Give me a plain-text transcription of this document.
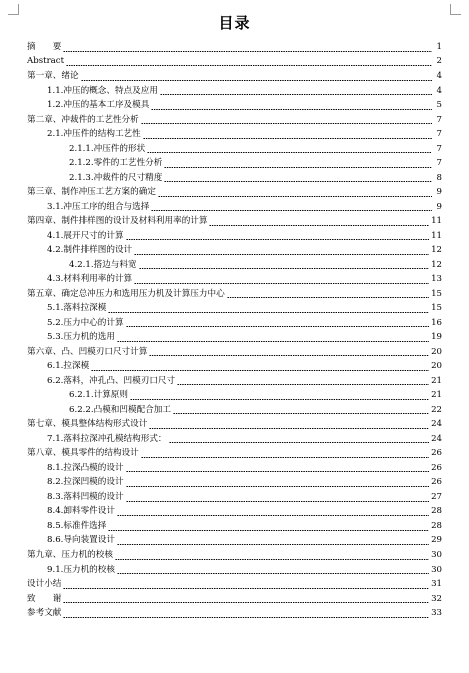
目录
摘　　要	1
Abstract	2
第一章、绪论	4
1.1.冲压的概念、特点及应用	4
1.2.冲压的基本工序及模具	5
第二章、冲裁件的工艺性分析	7
2.1.冲压件的结构工艺性	7
2.1.1.冲压件的形状	7
2.1.2.零件的工艺性分析	7
2.1.3.冲裁件的尺寸精度	8
第三章、制作冲压工艺方案的确定	9
3.1.冲压工序的组合与选择	9
第四章、制件排样图的设计及材料利用率的计算	11
4.1.展开尺寸的计算	11
4.2.制件排样图的设计	12
4.2.1.搭边与料宽	12
4.3.材料利用率的计算	13
第五章、确定总冲压力和选用压力机及计算压力中心	15
5.1.落料拉深模	15
5.2.压力中心的计算	16
5.3.压力机的选用	19
第六章、凸、凹模刃口尺寸计算	20
6.1.拉深模	20
6.2.落料，冲孔凸、凹模刃口尺寸	21
6.2.1.计算原则	21
6.2.2.凸模和凹模配合加工	22
第七章、模具整体结构形式设计	24
7.1.落料拉深冲孔模结构形式：	24
第八章、模具零件的结构设计	26
8.1.拉深凸模的设计	26
8.2.拉深凹模的设计	26
8.3.落料凹模的设计	27
8.4.卸料零件设计	28
8.5.标准件选择	28
8.6.导向装置设计	29
第九章、压力机的校核	30
9.1.压力机的校核	30
设计小结	31
致　　谢	32
参考文献	33
